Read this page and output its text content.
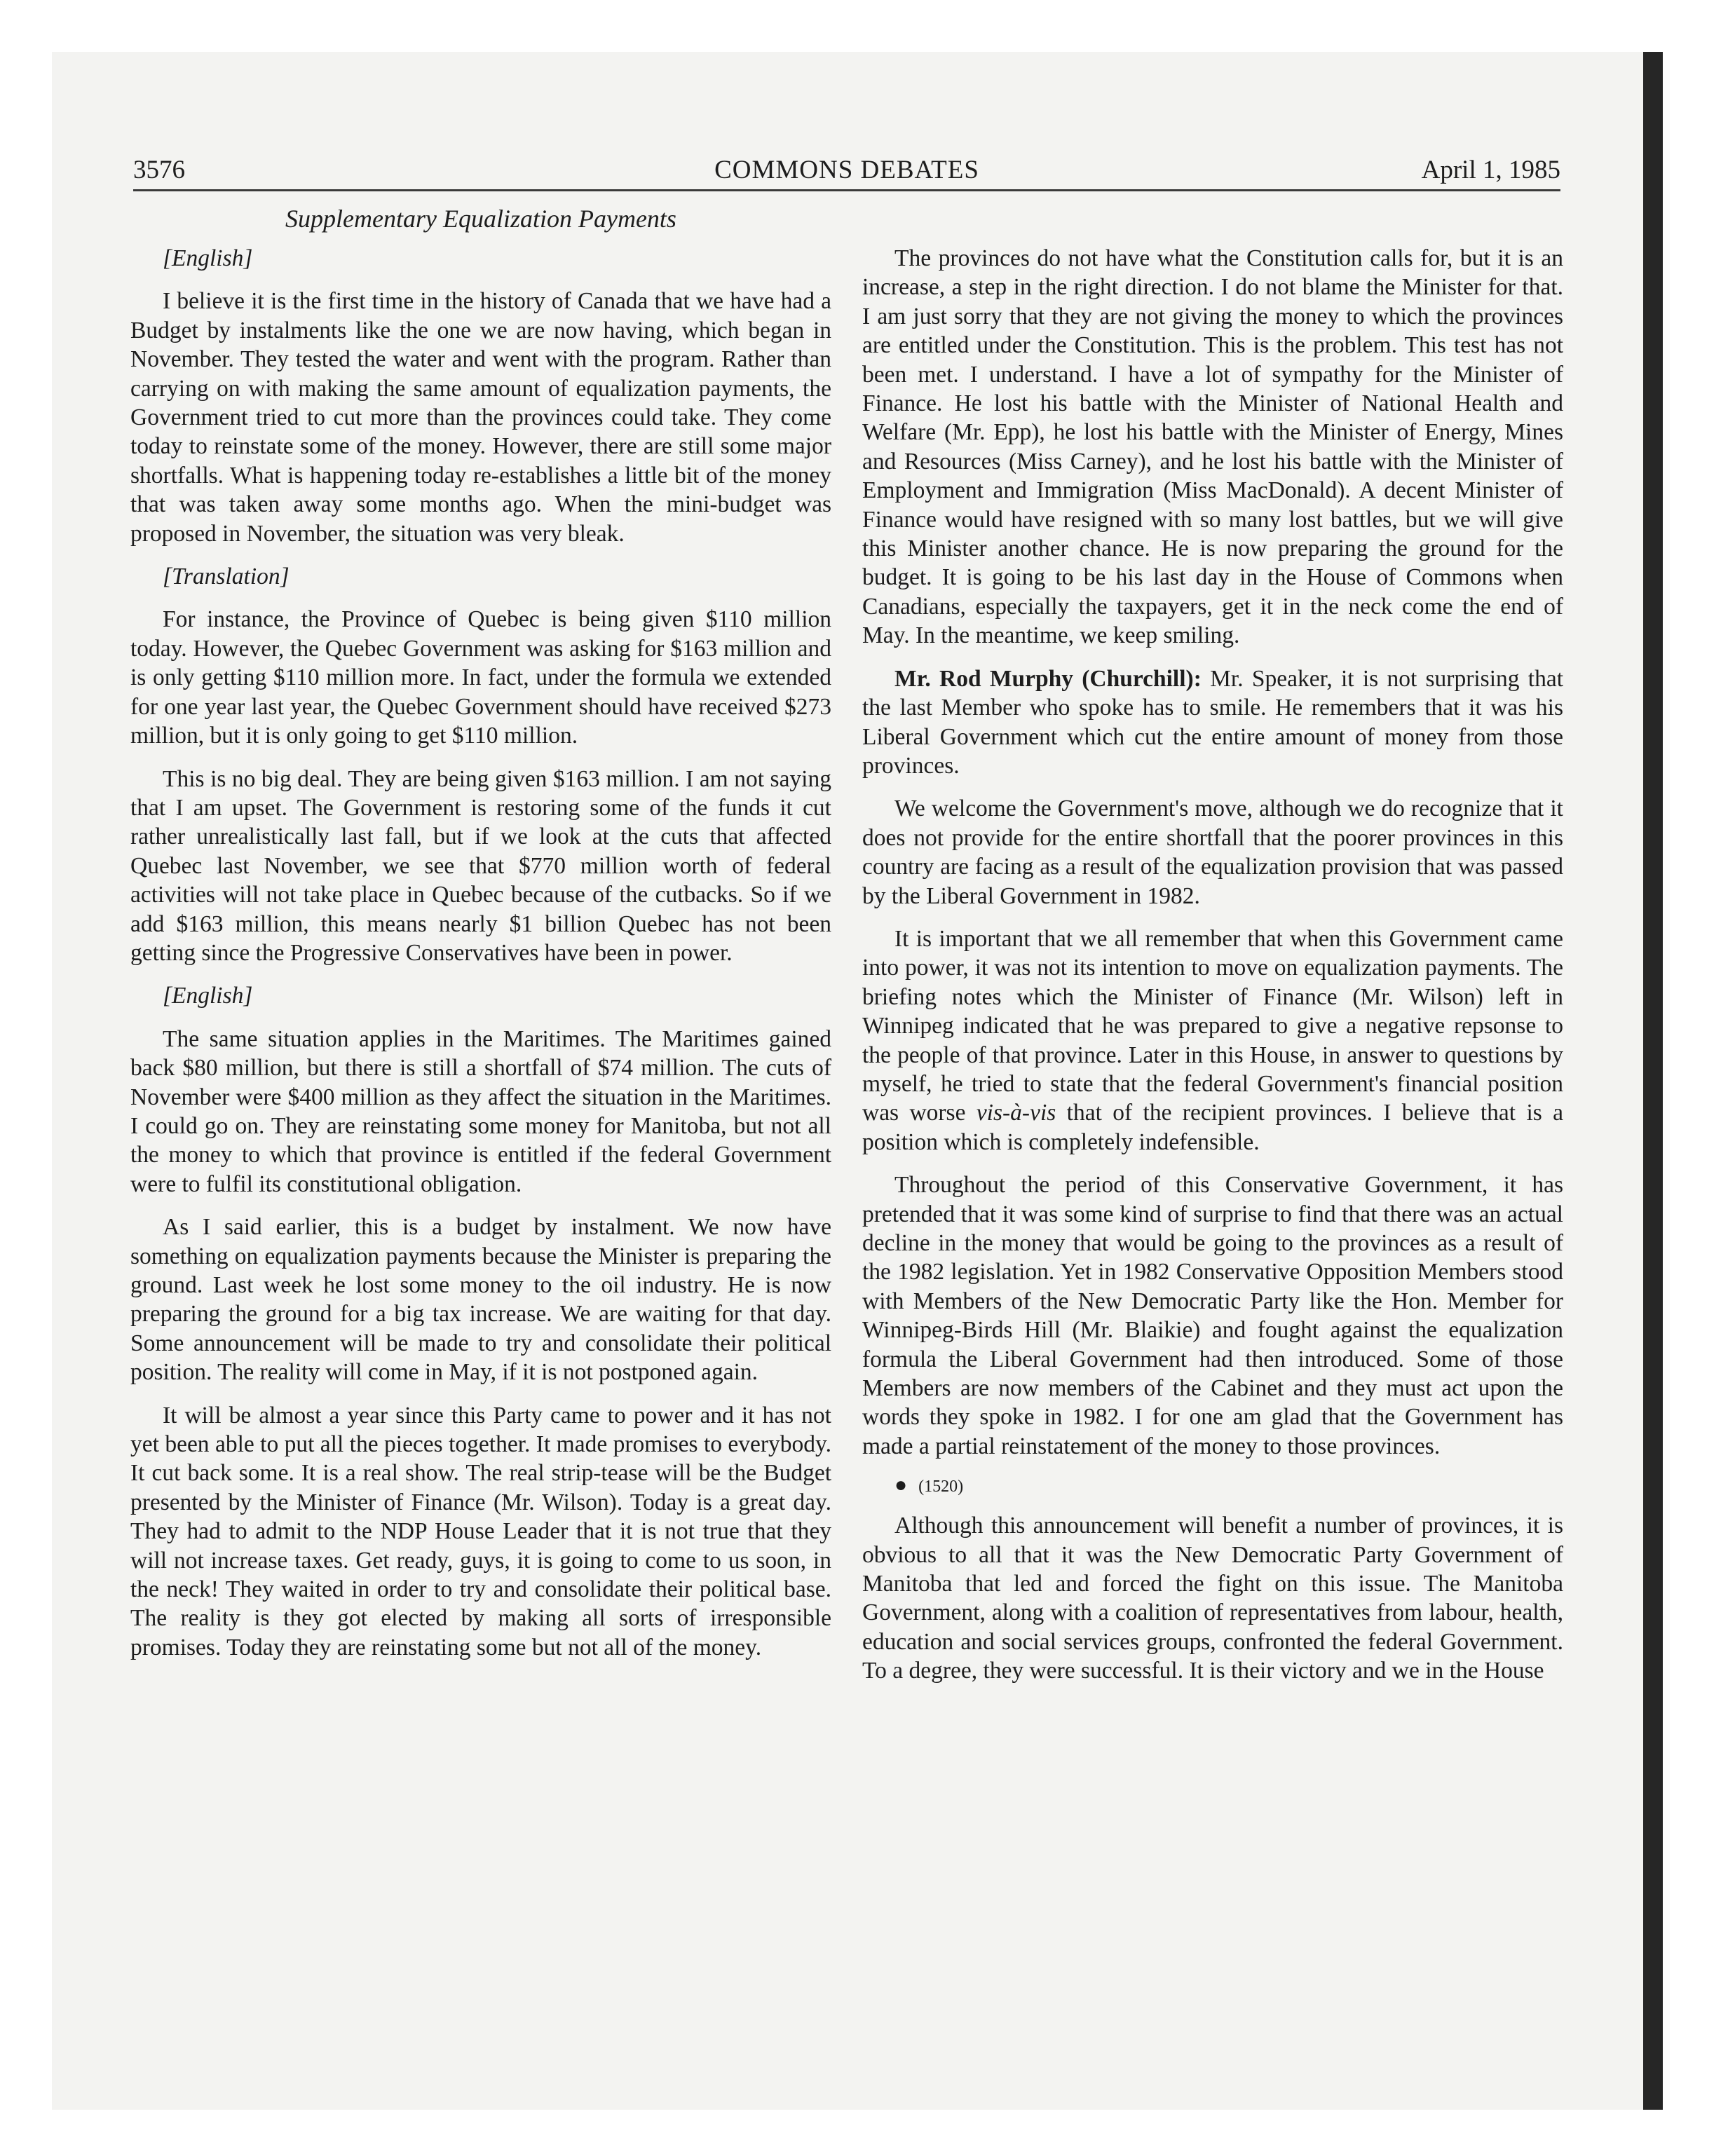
3576	COMMONS DEBATES	April 1, 1985
Supplementary Equalization Payments

[English]

I believe it is the first time in the history of Canada that we have had a Budget by instalments like the one we are now having, which began in November. They tested the water and went with the program. Rather than carrying on with making the same amount of equalization payments, the Government tried to cut more than the provinces could take. They come today to reinstate some of the money. However, there are still some major shortfalls. What is happening today re-establishes a little bit of the money that was taken away some months ago. When the mini-budget was proposed in November, the situation was very bleak.

[Translation]

For instance, the Province of Quebec is being given $110 million today. However, the Quebec Government was asking for $163 million and is only getting $110 million more. In fact, under the formula we extended for one year last year, the Quebec Government should have received $273 million, but it is only going to get $110 million.

This is no big deal. They are being given $163 million. I am not saying that I am upset. The Government is restoring some of the funds it cut rather unrealistically last fall, but if we look at the cuts that affected Quebec last November, we see that $770 million worth of federal activities will not take place in Quebec because of the cutbacks. So if we add $163 million, this means nearly $1 billion Quebec has not been getting since the Progressive Conservatives have been in power.

[English]

The same situation applies in the Maritimes. The Maritimes gained back $80 million, but there is still a shortfall of $74 million. The cuts of November were $400 million as they affect the situation in the Maritimes. I could go on. They are reinstating some money for Manitoba, but not all the money to which that province is entitled if the federal Government were to fulfil its constitutional obligation.

As I said earlier, this is a budget by instalment. We now have something on equalization payments because the Minister is preparing the ground. Last week he lost some money to the oil industry. He is now preparing the ground for a big tax increase. We are waiting for that day. Some announcement will be made to try and consolidate their political position. The reality will come in May, if it is not postponed again.

It will be almost a year since this Party came to power and it has not yet been able to put all the pieces together. It made promises to everybody. It cut back some. It is a real show. The real strip-tease will be the Budget presented by the Minister of Finance (Mr. Wilson). Today is a great day. They had to admit to the NDP House Leader that it is not true that they will not increase taxes. Get ready, guys, it is going to come to us soon, in the neck! They waited in order to try and consolidate their political base. The reality is they got elected by making all sorts of irresponsible promises. Today they are reinstating some but not all of the money.

The provinces do not have what the Constitution calls for, but it is an increase, a step in the right direction. I do not blame the Minister for that. I am just sorry that they are not giving the money to which the provinces are entitled under the Constitution. This is the problem. This test has not been met. I understand. I have a lot of sympathy for the Minister of Finance. He lost his battle with the Minister of National Health and Welfare (Mr. Epp), he lost his battle with the Minister of Energy, Mines and Resources (Miss Carney), and he lost his battle with the Minister of Employment and Immigration (Miss MacDonald). A decent Minister of Finance would have resigned with so many lost battles, but we will give this Minister another chance. He is now preparing the ground for the budget. It is going to be his last day in the House of Commons when Canadians, especially the taxpayers, get it in the neck come the end of May. In the meantime, we keep smiling.

Mr. Rod Murphy (Churchill): Mr. Speaker, it is not surprising that the last Member who spoke has to smile. He remembers that it was his Liberal Government which cut the entire amount of money from those provinces.

We welcome the Government's move, although we do recognize that it does not provide for the entire shortfall that the poorer provinces in this country are facing as a result of the equalization provision that was passed by the Liberal Government in 1982.

It is important that we all remember that when this Government came into power, it was not its intention to move on equalization payments. The briefing notes which the Minister of Finance (Mr. Wilson) left in Winnipeg indicated that he was prepared to give a negative repsonse to the people of that province. Later in this House, in answer to questions by myself, he tried to state that the federal Government's financial position was worse vis-à-vis that of the recipient provinces. I believe that is a position which is completely indefensible.

Throughout the period of this Conservative Government, it has pretended that it was some kind of surprise to find that there was an actual decline in the money that would be going to the provinces as a result of the 1982 legislation. Yet in 1982 Conservative Opposition Members stood with Members of the New Democratic Party like the Hon. Member for Winnipeg-Birds Hill (Mr. Blaikie) and fought against the equalization formula the Liberal Government had then introduced. Some of those Members are now members of the Cabinet and they must act upon the words they spoke in 1982. I for one am glad that the Government has made a partial reinstatement of the money to those provinces.

● (1520)

Although this announcement will benefit a number of provinces, it is obvious to all that it was the New Democratic Party Government of Manitoba that led and forced the fight on this issue. The Manitoba Government, along with a coalition of representatives from labour, health, education and social services groups, confronted the federal Government. To a degree, they were successful. It is their victory and we in the House
